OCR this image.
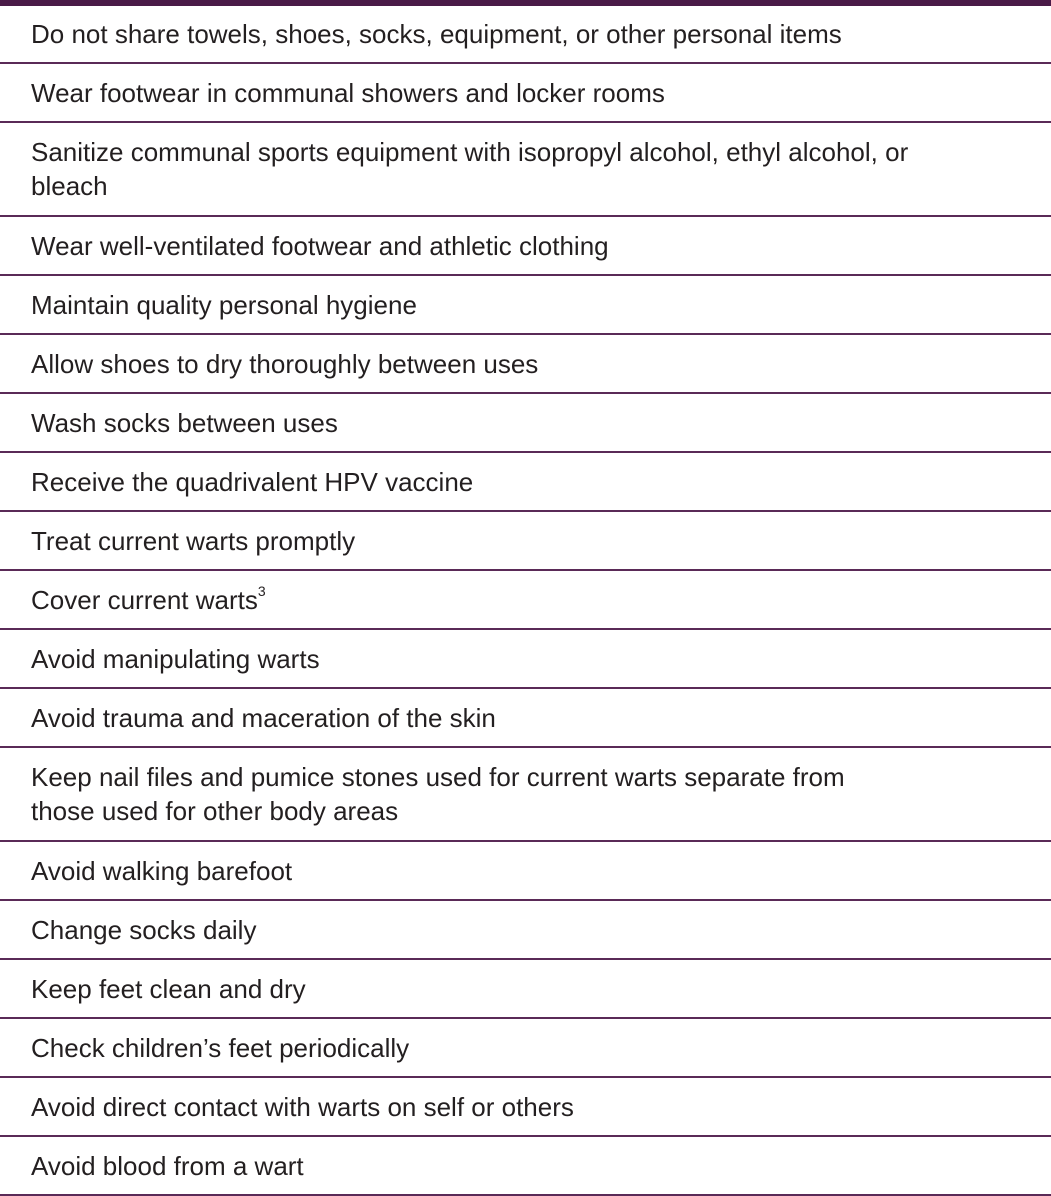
Do not share towels, shoes, socks, equipment, or other personal items
Wear footwear in communal showers and locker rooms
Sanitize communal sports equipment with isopropyl alcohol, ethyl alcohol, or bleach
Wear well-ventilated footwear and athletic clothing
Maintain quality personal hygiene
Allow shoes to dry thoroughly between uses
Wash socks between uses
Receive the quadrivalent HPV vaccine
Treat current warts promptly
Cover current warts$^3$
Avoid manipulating warts
Avoid trauma and maceration of the skin
Keep nail files and pumice stones used for current warts separate from those used for other body areas
Avoid walking barefoot
Change socks daily
Keep feet clean and dry
Check children’s feet periodically
Avoid direct contact with warts on self or others
Avoid blood from a wart
